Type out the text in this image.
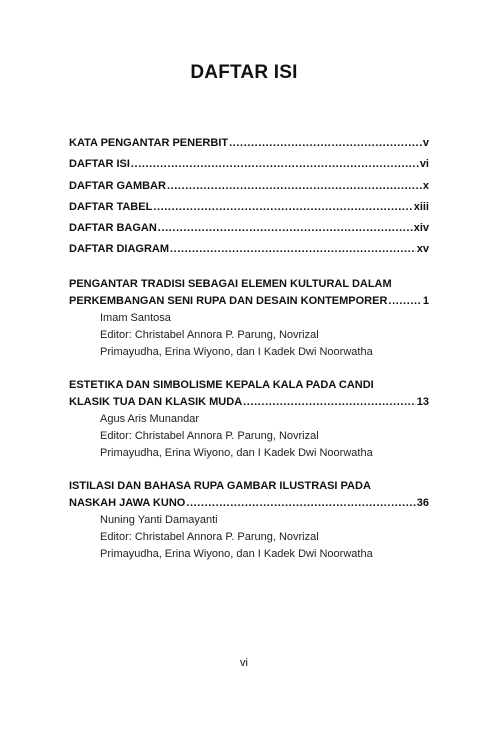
DAFTAR ISI
KATA PENGANTAR PENERBIT .....	v
DAFTAR ISI .....	vi
DAFTAR GAMBAR .....	x
DAFTAR TABEL .....	xiii
DAFTAR BAGAN .....	xiv
DAFTAR DIAGRAM .....	xv
PENGANTAR TRADISI SEBAGAI ELEMEN KULTURAL DALAM
PERKEMBANGAN SENI RUPA DAN DESAIN KONTEMPORER .....	1
Imam Santosa
Editor: Christabel Annora P. Parung, Novrizal
Primayudha, Erina Wiyono, dan I Kadek Dwi Noorwatha
ESTETIKA DAN SIMBOLISME KEPALA KALA PADA CANDI
KLASIK TUA DAN KLASIK MUDA .....	13
Agus Aris Munandar
Editor: Christabel Annora P. Parung, Novrizal
Primayudha, Erina Wiyono, dan I Kadek Dwi Noorwatha
ISTILASI DAN BAHASA RUPA GAMBAR ILUSTRASI PADA
NASKAH JAWA KUNO .....	36
Nuning Yanti Damayanti
Editor: Christabel Annora P. Parung, Novrizal
Primayudha, Erina Wiyono, dan I Kadek Dwi Noorwatha
vi
